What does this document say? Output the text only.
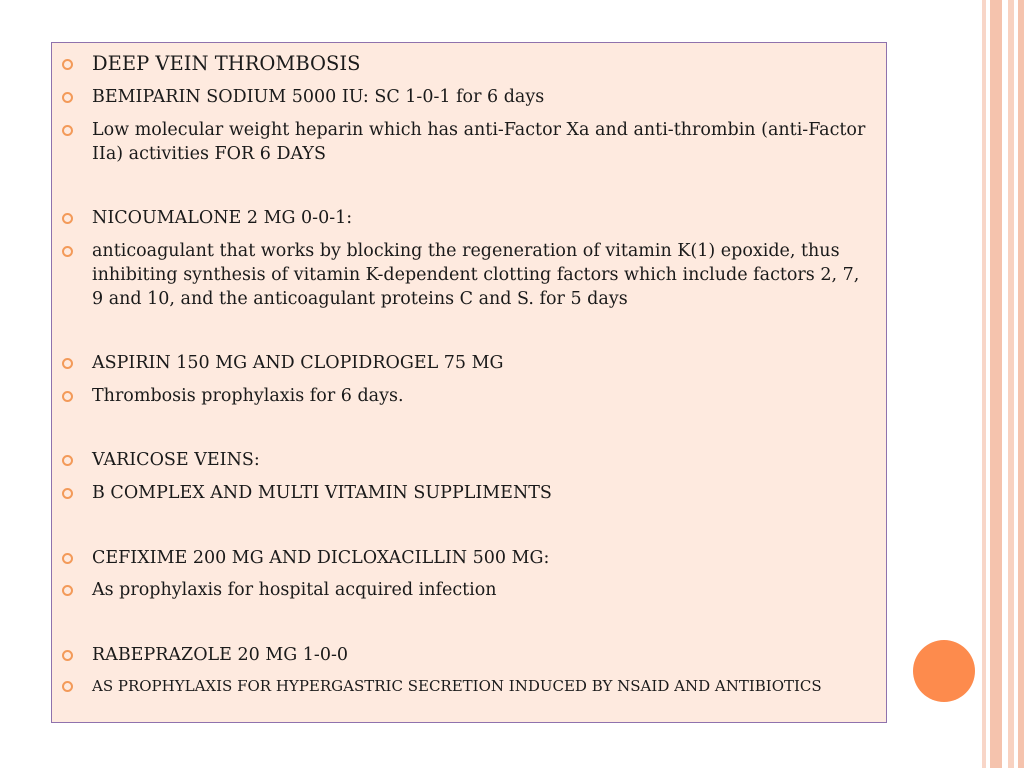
DEEP VEIN THROMBOSIS
BEMIPARIN SODIUM 5000 IU: SC 1-0-1 for 6 days
Low molecular weight heparin which has anti-Factor Xa and anti-thrombin (anti-Factor IIa) activities FOR 6 DAYS
NICOUMALONE 2 MG 0-0-1:
anticoagulant that works by blocking the regeneration of vitamin K(1) epoxide, thus inhibiting synthesis of vitamin K-dependent clotting factors which include factors 2, 7, 9 and 10, and the anticoagulant proteins C and S. for 5 days
ASPIRIN 150 MG AND CLOPIDROGEL 75 MG
Thrombosis prophylaxis for 6 days.
VARICOSE VEINS:
B COMPLEX AND MULTI VITAMIN SUPPLIMENTS
CEFIXIME 200 MG AND DICLOXACILLIN 500 MG:
As prophylaxis for hospital acquired infection
RABEPRAZOLE 20 MG 1-0-0
AS PROPHYLAXIS FOR HYPERGASTRIC SECRETION INDUCED BY NSAID AND ANTIBIOTICS
